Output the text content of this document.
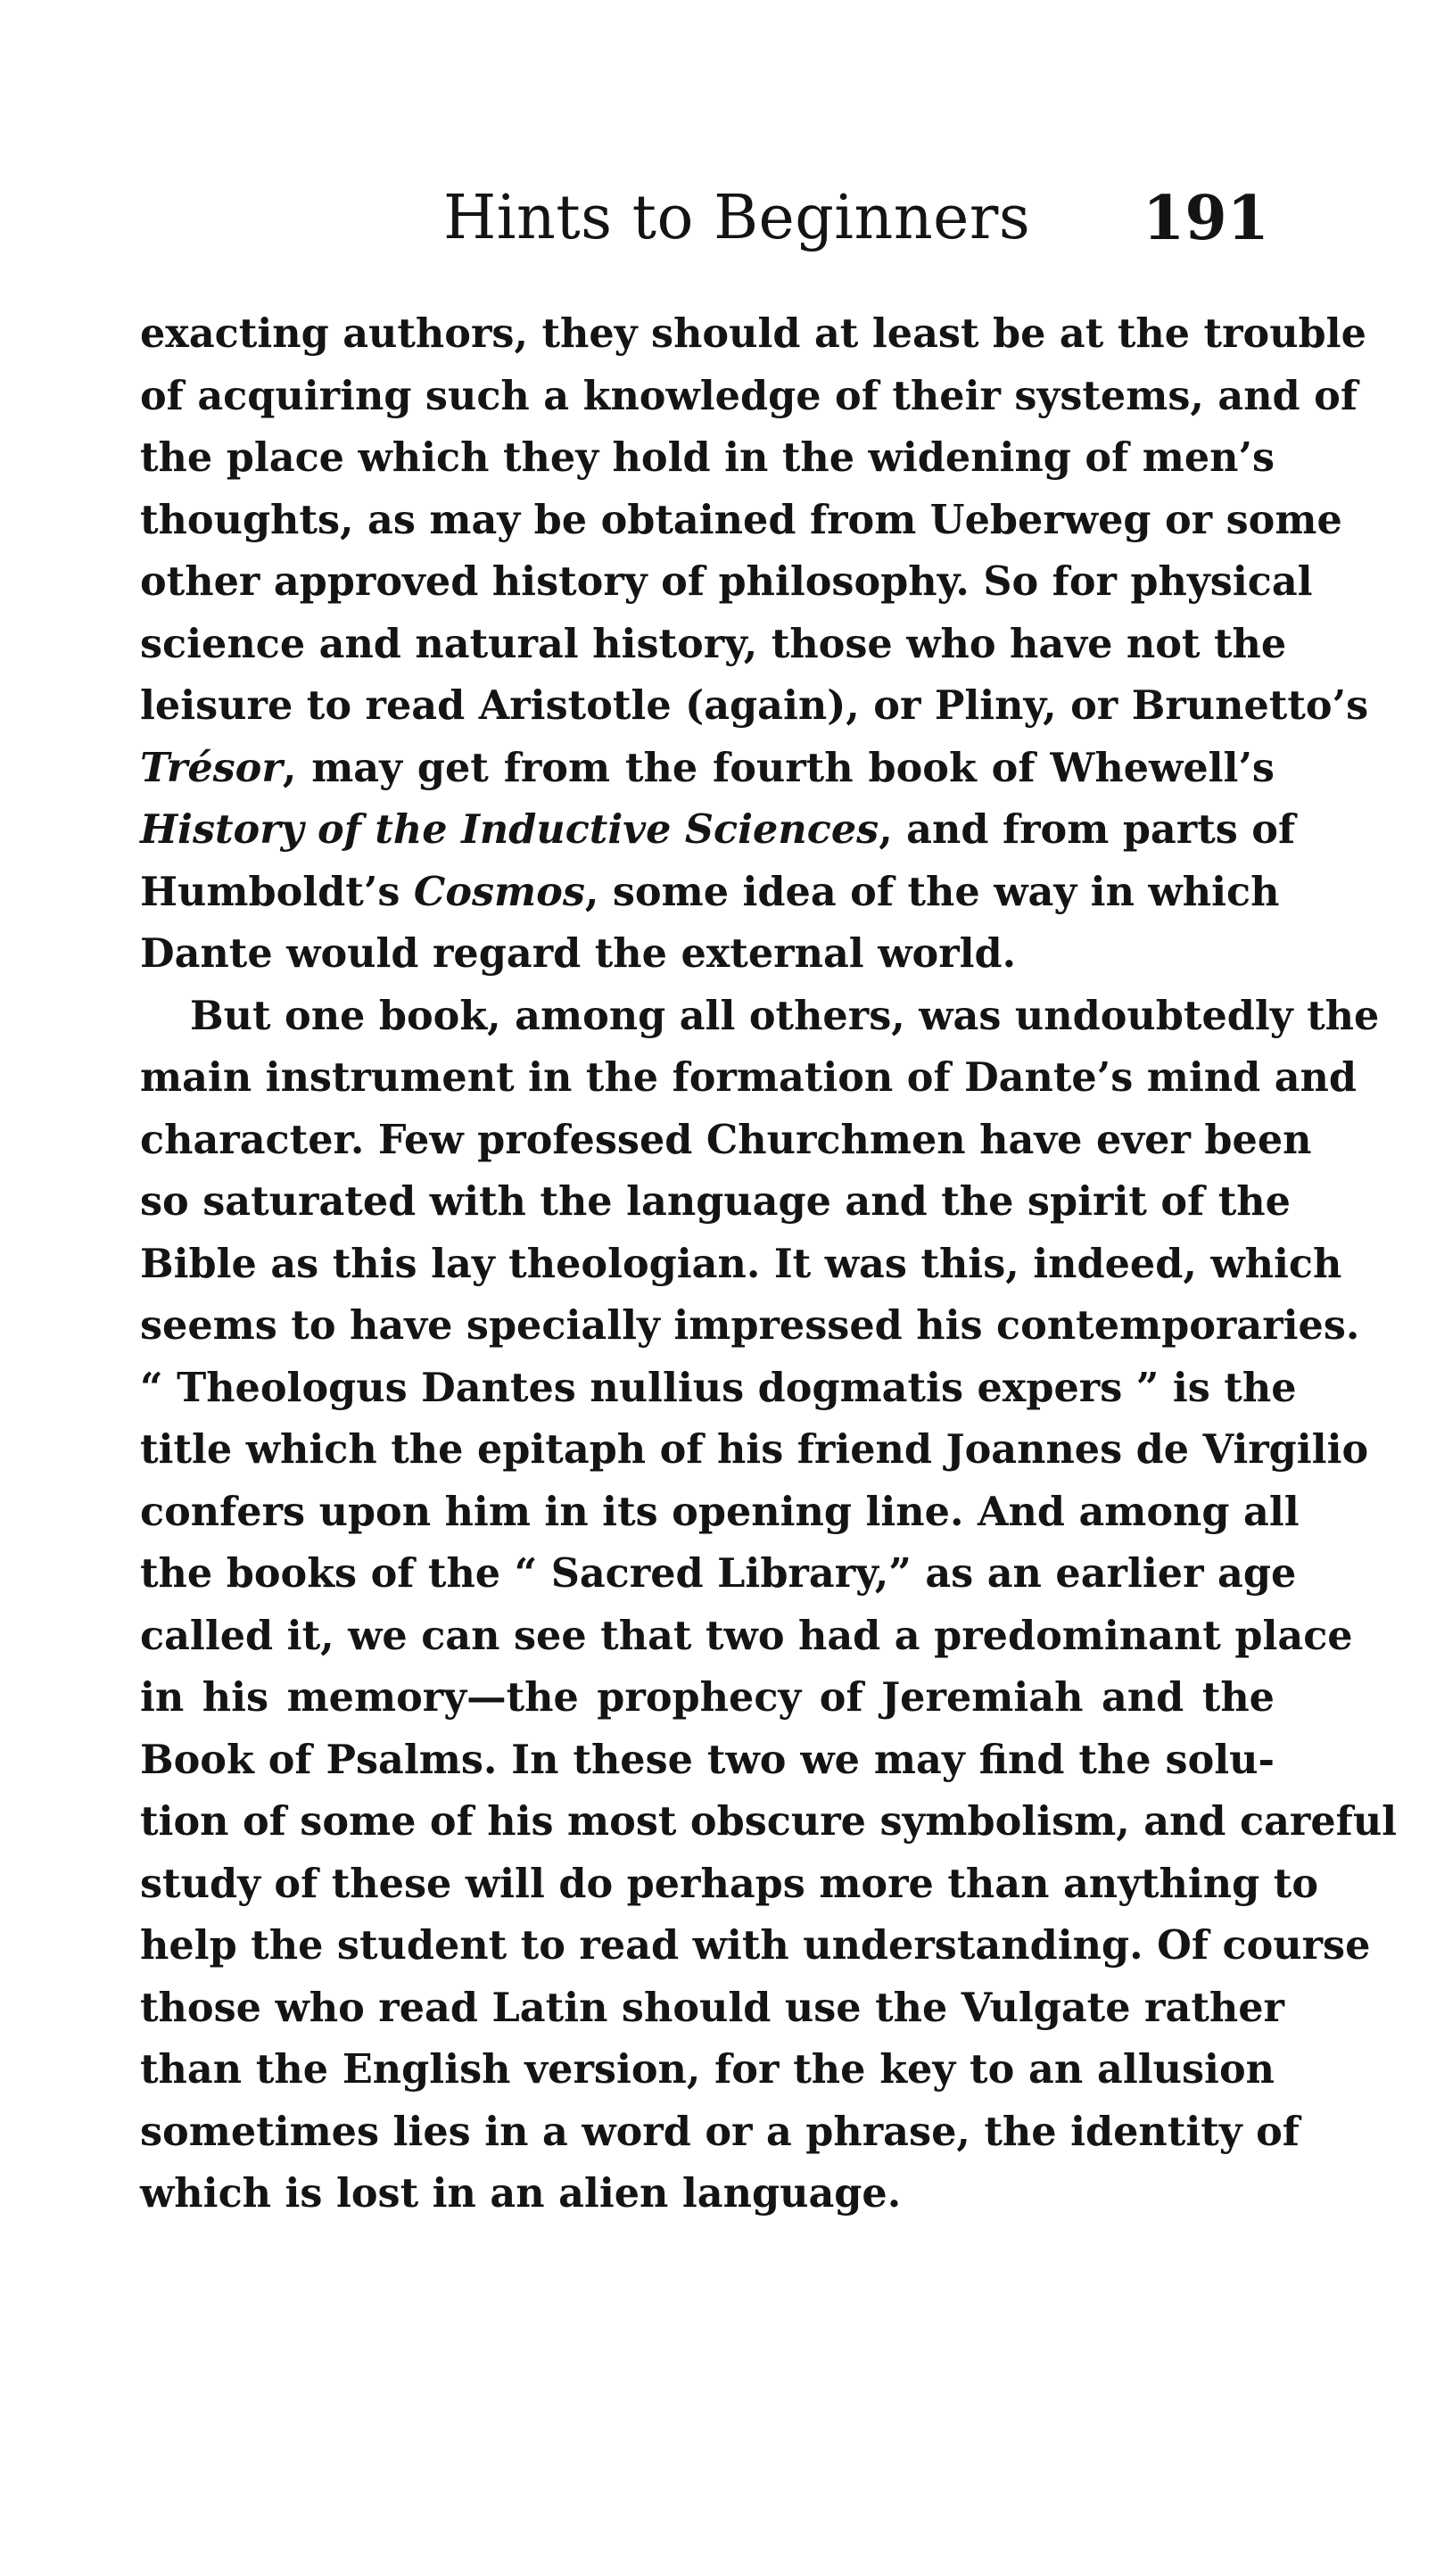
Hints to Beginners 191
exacting authors, they should at least be at the trouble
of acquiring such a knowledge of their systems, and of
the place which they hold in the widening of men’s
thoughts, as may be obtained from Ueberweg or some
other approved history of philosophy. So for physical
science and natural history, those who have not the
leisure to read Aristotle (again), or Pliny, or Brunetto’s
Trésor, may get from the fourth book of Whewell’s
History of the Inductive Sciences, and from parts of
Humboldt’s Cosmos, some idea of the way in which
Dante would regard the external world.
But one book, among all others, was undoubtedly the
main instrument in the formation of Dante’s mind and
character. Few professed Churchmen have ever been
so saturated with the language and the spirit of the
Bible as this lay theologian. It was this, indeed, which
seems to have specially impressed his contemporaries.
“ Theologus Dantes nullius dogmatis expers ” is the
title which the epitaph of his friend Joannes de Virgilio
confers upon him in its opening line. And among all
the books of the “ Sacred Library,” as an earlier age
called it, we can see that two had a predominant place
in his memory—the prophecy of Jeremiah and the
Book of Psalms. In these two we may find the solu-
tion of some of his most obscure symbolism, and careful
study of these will do perhaps more than anything to
help the student to read with understanding. Of course
those who read Latin should use the Vulgate rather
than the English version, for the key to an allusion
sometimes lies in a word or a phrase, the identity of
which is lost in an alien language.
